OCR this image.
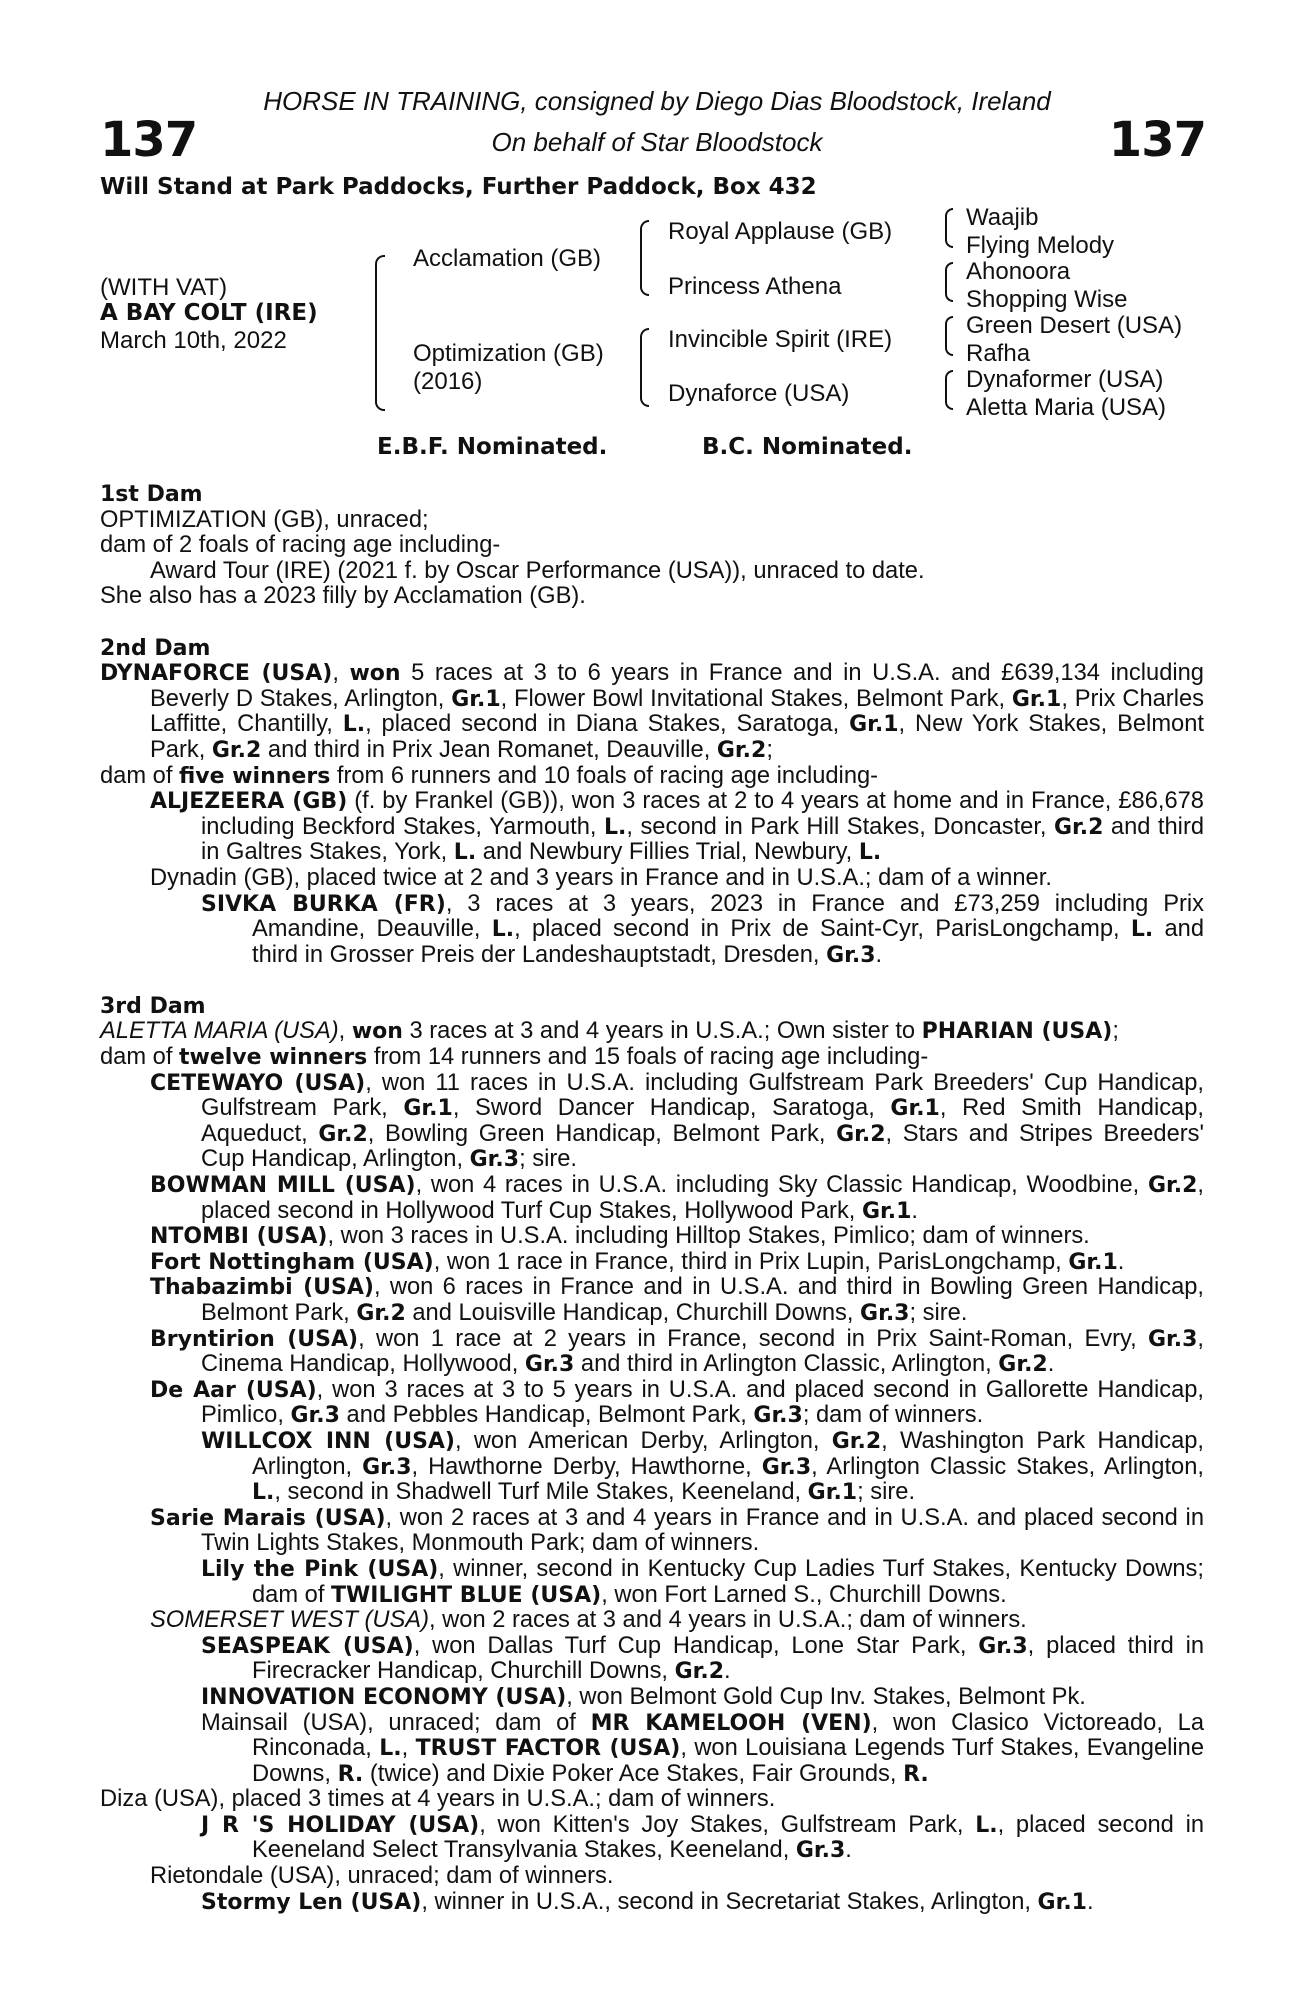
137	137
HORSE IN TRAINING, consigned by Diego Dias Bloodstock, Ireland
On behalf of Star Bloodstock
Will Stand at Park Paddocks, Further Paddock, Box 432
(WITH VAT)
A BAY COLT (IRE)
March 10th, 2022
Acclamation (GB)
Optimization (GB)
(2016)
Royal Applause (GB)
Princess Athena
Invincible Spirit (IRE)
Dynaforce (USA)
Waajib
Flying Melody
Ahonoora
Shopping Wise
Green Desert (USA)
Rafha
Dynaformer (USA)
Aletta Maria (USA)
E.B.F. Nominated.	B.C. Nominated.
1st Dam
OPTIMIZATION (GB), unraced;
dam of 2 foals of racing age including-
Award Tour (IRE) (2021 f. by Oscar Performance (USA)), unraced to date.
She also has a 2023 filly by Acclamation (GB).
2nd Dam
DYNAFORCE (USA), won 5 races at 3 to 6 years in France and in U.S.A. and £639,134 including Beverly D Stakes, Arlington, Gr.1, Flower Bowl Invitational Stakes, Belmont Park, Gr.1, Prix Charles Laffitte, Chantilly, L., placed second in Diana Stakes, Saratoga, Gr.1, New York Stakes, Belmont Park, Gr.2 and third in Prix Jean Romanet, Deauville, Gr.2;
dam of five winners from 6 runners and 10 foals of racing age including-
ALJEZEERA (GB) (f. by Frankel (GB)), won 3 races at 2 to 4 years at home and in France, £86,678 including Beckford Stakes, Yarmouth, L., second in Park Hill Stakes, Doncaster, Gr.2 and third in Galtres Stakes, York, L. and Newbury Fillies Trial, Newbury, L.
Dynadin (GB), placed twice at 2 and 3 years in France and in U.S.A.; dam of a winner.
SIVKA BURKA (FR), 3 races at 3 years, 2023 in France and £73,259 including Prix Amandine, Deauville, L., placed second in Prix de Saint-Cyr, ParisLongchamp, L. and third in Grosser Preis der Landeshauptstadt, Dresden, Gr.3.
3rd Dam
ALETTA MARIA (USA), won 3 races at 3 and 4 years in U.S.A.; Own sister to PHARIAN (USA);
dam of twelve winners from 14 runners and 15 foals of racing age including-
CETEWAYO (USA), won 11 races in U.S.A. including Gulfstream Park Breeders' Cup Handicap, Gulfstream Park, Gr.1, Sword Dancer Handicap, Saratoga, Gr.1, Red Smith Handicap, Aqueduct, Gr.2, Bowling Green Handicap, Belmont Park, Gr.2, Stars and Stripes Breeders' Cup Handicap, Arlington, Gr.3; sire.
BOWMAN MILL (USA), won 4 races in U.S.A. including Sky Classic Handicap, Woodbine, Gr.2, placed second in Hollywood Turf Cup Stakes, Hollywood Park, Gr.1.
NTOMBI (USA), won 3 races in U.S.A. including Hilltop Stakes, Pimlico; dam of winners.
Fort Nottingham (USA), won 1 race in France, third in Prix Lupin, ParisLongchamp, Gr.1.
Thabazimbi (USA), won 6 races in France and in U.S.A. and third in Bowling Green Handicap, Belmont Park, Gr.2 and Louisville Handicap, Churchill Downs, Gr.3; sire.
Bryntirion (USA), won 1 race at 2 years in France, second in Prix Saint-Roman, Evry, Gr.3, Cinema Handicap, Hollywood, Gr.3 and third in Arlington Classic, Arlington, Gr.2.
De Aar (USA), won 3 races at 3 to 5 years in U.S.A. and placed second in Gallorette Handicap, Pimlico, Gr.3 and Pebbles Handicap, Belmont Park, Gr.3; dam of winners.
WILLCOX INN (USA), won American Derby, Arlington, Gr.2, Washington Park Handicap, Arlington, Gr.3, Hawthorne Derby, Hawthorne, Gr.3, Arlington Classic Stakes, Arlington, L., second in Shadwell Turf Mile Stakes, Keeneland, Gr.1; sire.
Sarie Marais (USA), won 2 races at 3 and 4 years in France and in U.S.A. and placed second in Twin Lights Stakes, Monmouth Park; dam of winners.
Lily the Pink (USA), winner, second in Kentucky Cup Ladies Turf Stakes, Kentucky Downs; dam of TWILIGHT BLUE (USA), won Fort Larned S., Churchill Downs.
SOMERSET WEST (USA), won 2 races at 3 and 4 years in U.S.A.; dam of winners.
SEASPEAK (USA), won Dallas Turf Cup Handicap, Lone Star Park, Gr.3, placed third in Firecracker Handicap, Churchill Downs, Gr.2.
INNOVATION ECONOMY (USA), won Belmont Gold Cup Inv. Stakes, Belmont Pk.
Mainsail (USA), unraced; dam of MR KAMELOOH (VEN), won Clasico Victoreado, La Rinconada, L., TRUST FACTOR (USA), won Louisiana Legends Turf Stakes, Evangeline Downs, R. (twice) and Dixie Poker Ace Stakes, Fair Grounds, R.
Diza (USA), placed 3 times at 4 years in U.S.A.; dam of winners.
J R 'S HOLIDAY (USA), won Kitten's Joy Stakes, Gulfstream Park, L., placed second in Keeneland Select Transylvania Stakes, Keeneland, Gr.3.
Rietondale (USA), unraced; dam of winners.
Stormy Len (USA), winner in U.S.A., second in Secretariat Stakes, Arlington, Gr.1.
